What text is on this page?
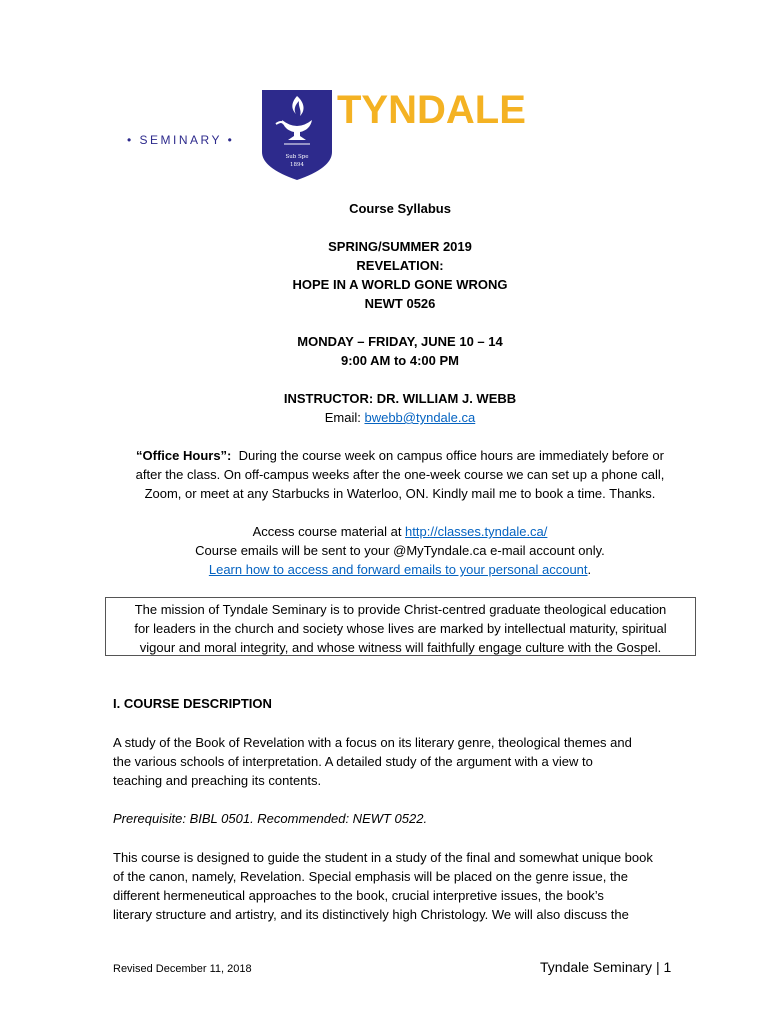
Sub Spe
1894
TYNDALE
• SEMINARY •
Course Syllabus
SPRING/SUMMER 2019
REVELATION:
HOPE IN A WORLD GONE WRONG
NEWT 0526
MONDAY – FRIDAY, JUNE 10 – 14
9:00 AM to 4:00 PM
INSTRUCTOR: DR. WILLIAM J. WEBB
Email: bwebb@tyndale.ca
“Office Hours”:  During the course week on campus office hours are immediately before or
after the class. On off-campus weeks after the one-week course we can set up a phone call,
Zoom, or meet at any Starbucks in Waterloo, ON. Kindly mail me to book a time. Thanks.
Access course material at http://classes.tyndale.ca/
Course emails will be sent to your @MyTyndale.ca e-mail account only.
Learn how to access and forward emails to your personal account.
The mission of Tyndale Seminary is to provide Christ-centred graduate theological education
for leaders in the church and society whose lives are marked by intellectual maturity, spiritual
vigour and moral integrity, and whose witness will faithfully engage culture with the Gospel.
I. COURSE DESCRIPTION
A study of the Book of Revelation with a focus on its literary genre, theological themes and
the various schools of interpretation. A detailed study of the argument with a view to
teaching and preaching its contents.
Prerequisite: BIBL 0501. Recommended: NEWT 0522.
This course is designed to guide the student in a study of the final and somewhat unique book
of the canon, namely, Revelation. Special emphasis will be placed on the genre issue, the
different hermeneutical approaches to the book, crucial interpretive issues, the book’s
literary structure and artistry, and its distinctively high Christology. We will also discuss the
Revised December 11, 2018	Tyndale Seminary | 1
